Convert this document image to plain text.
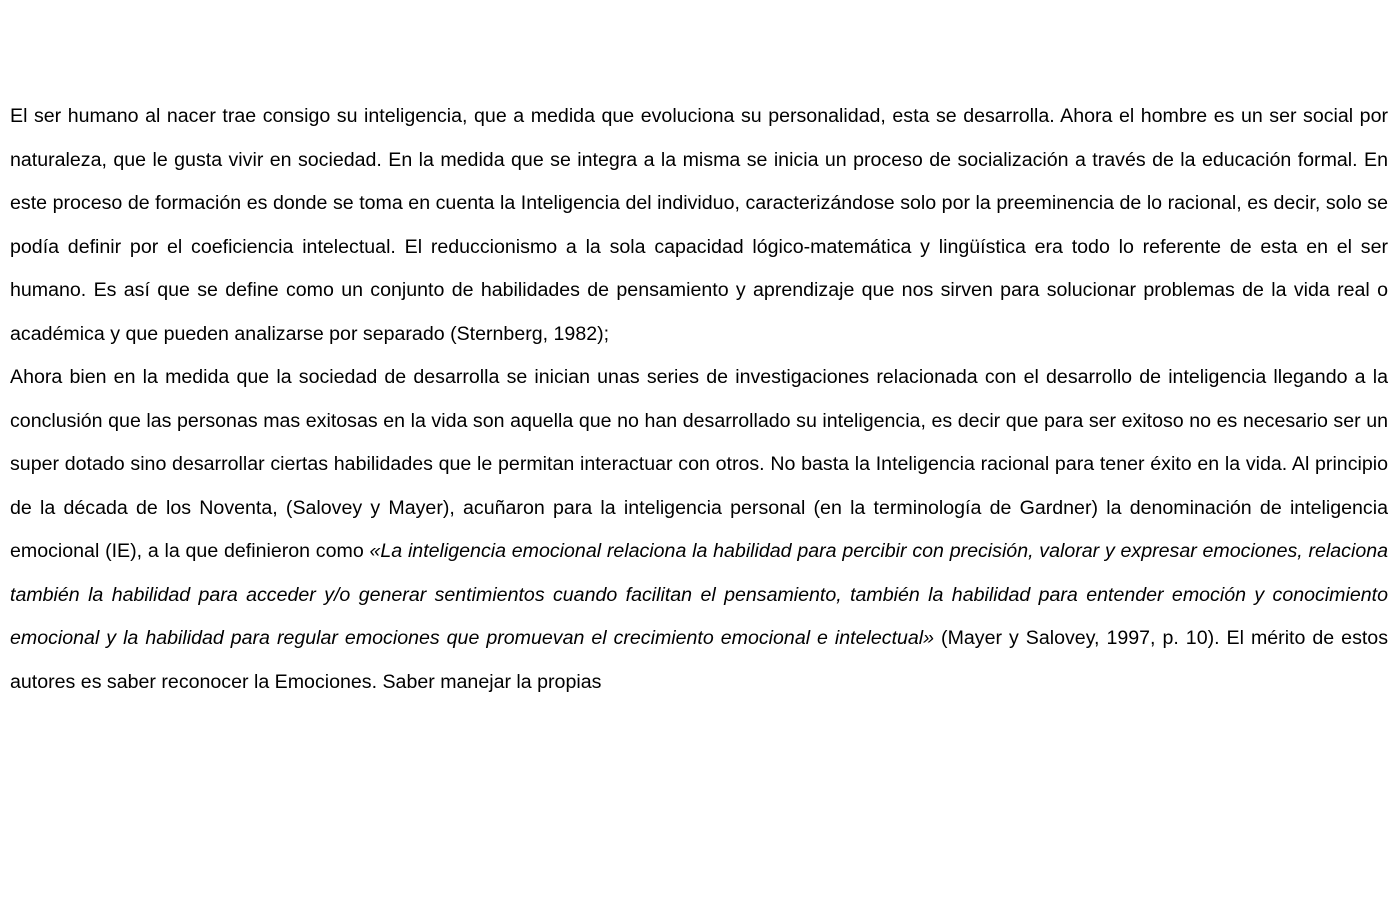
El ser humano al nacer trae consigo su inteligencia, que a medida que evoluciona su personalidad, esta se desarrolla. Ahora el hombre es un ser social por naturaleza, que le gusta vivir en sociedad. En la medida que se integra a la misma se inicia un proceso de socialización a través de la educación formal. En este proceso de formación es donde se toma en cuenta la Inteligencia del individuo, caracterizándose solo por la preeminencia de lo racional, es decir, solo se podía definir por el coeficiencia intelectual. El reduccionismo a la sola capacidad lógico-matemática y lingüística era todo lo referente de esta en el ser humano. Es así que se define como un conjunto de habilidades de pensamiento y aprendizaje que nos sirven para solucionar problemas de la vida real o académica y que pueden analizarse por separado (Sternberg, 1982);

Ahora bien en la medida que la sociedad de desarrolla se inician unas series de investigaciones relacionada con el desarrollo de inteligencia llegando a la conclusión que las personas mas exitosas en la vida son aquella que no han desarrollado su inteligencia, es decir que para ser exitoso no es necesario ser un super dotado sino desarrollar ciertas habilidades que le permitan interactuar con otros. No basta la Inteligencia racional para tener éxito en la vida. Al principio de la década de los Noventa, (Salovey y Mayer), acuñaron para la inteligencia personal (en la terminología de Gardner) la denominación de inteligencia emocional (IE), a la que definieron como «La inteligencia emocional relaciona la habilidad para percibir con precisión, valorar y expresar emociones, relaciona también la habilidad para acceder y/o generar sentimientos cuando facilitan el pensamiento, también la habilidad para entender emoción y conocimiento emocional y la habilidad para regular emociones que promuevan el crecimiento emocional e intelectual» (Mayer y Salovey, 1997, p. 10). El mérito de estos autores es saber reconocer la Emociones. Saber manejar la propias
